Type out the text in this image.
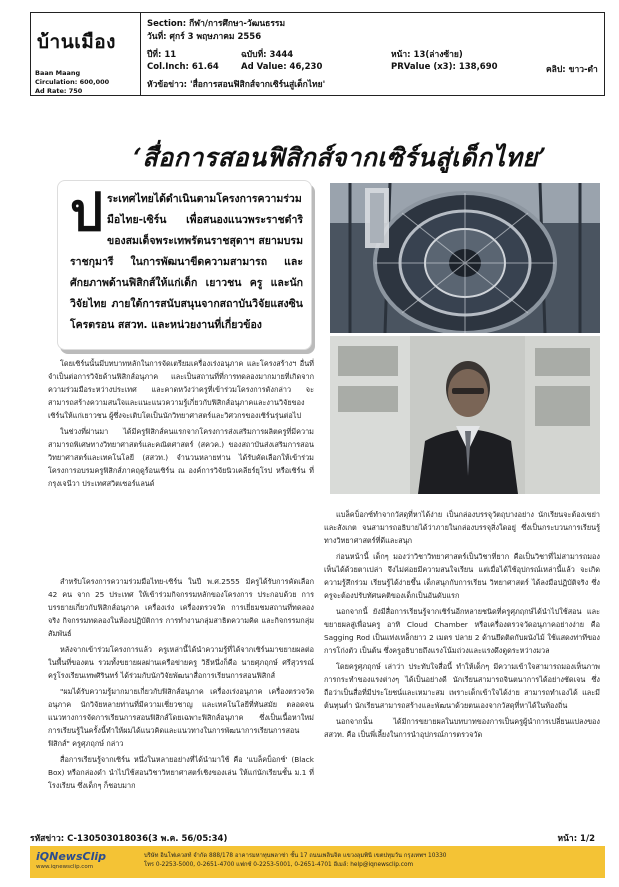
บ้านเมือง
Baan Maang
Circulation: 600,000
Ad Rate: 750
Section: กีฬา/การศึกษา-วัฒนธรรม
วันที่: ศุกร์ 3 พฤษภาคม 2556
ปีที่: 11	ฉบับที่: 3444	หน้า: 13(ล่างซ้าย)
Col.Inch: 61.64	Ad Value: 46,230	PRValue (x3): 138,690	คลิป: ขาว-ดำ
หัวข้อข่าว: 'สื่อการสอนฟิสิกส์จากเซิร์นสู่เด็กไทย'
‘สื่อการสอนฟิสิกส์จากเซิร์นสู่เด็กไทย’
ป ระเทศไทยได้ดำเนินตามโครงการความร่วมมือไทย-เซิร์น เพื่อสนองแนวพระราชดำริของสมเด็จพระเทพรัตนราชสุดาฯ สยามบรมราชกุมารี ในการพัฒนาขีดความสามารถ และศักยภาพด้านฟิสิกส์ให้แก่เด็ก เยาวชน ครู และนักวิจัยไทย ภายใต้การสนับสนุนจากสถาบันวิจัยแสงซินโครตรอน สสวท. และหน่วยงานที่เกี่ยวข้อง

โดยเซิร์นนั้นมีบทบาทหลักในการจัดเตรียมเครื่องเร่งอนุภาค และโครงสร้างฯ อื่นที่จำเป็นต่อการวิจัยด้านฟิสิกส์อนุภาค และเป็นสถานที่ที่การทดลองมากมายที่เกิดจากความร่วมมือระหว่างประเทศ และคาดหวังว่าครูที่เข้าร่วมโครงการดังกล่าว จะสามารถสร้างความสนใจและแนะแนวความรู้เกี่ยวกับฟิสิกส์อนุภาคและงานวิจัยของเซิร์นให้แก่เยาวชน ผู้ซึ่งจะเติบโตเป็นนักวิทยาศาสตร์และวิศวกรของเซิร์นรุ่นต่อไป

ในช่วงที่ผ่านมา ได้มีครูฟิสิกส์คนแรกจากโครงการส่งเสริมการผลิตครูที่มีความสามารถพิเศษทางวิทยาศาสตร์และคณิตศาสตร์ (สควค.) ของสถาบันส่งเสริมการสอนวิทยาศาสตร์และเทคโนโลยี (สสวท.) จำนวนหลายท่าน ได้รับคัดเลือกให้เข้าร่วมโครงการอบรมครูฟิสิกส์ภาคฤดูร้อนเซิร์น ณ องค์การวิจัยนิวเคลียร์ยุโรป หรือเซิร์น ที่กรุงเจนีวา ประเทศสวิตเซอร์แลนด์

สำหรับโครงการความร่วมมือไทย-เซิร์น ในปี พ.ศ.2555 มีครูได้รับการคัดเลือก 42 คน จาก 25 ประเทศ ให้เข้าร่วมกิจกรรมหลักของโครงการ ประกอบด้วย การบรรยายเกี่ยวกับฟิสิกส์อนุภาค เครื่องเร่ง เครื่องตรวจวัด การเยี่ยมชมสถานที่ทดลองจริง กิจกรรมทดลองในห้องปฏิบัติการ การทำงานกลุ่มสาธิตความคิด และกิจกรรมกลุ่มสัมพันธ์

หลังจากเข้าร่วมโครงการแล้ว ครูเหล่านี้ได้นำความรู้ที่ได้จากเซิร์นมาขยายผลต่อในพื้นที่ของตน รวมทั้งขยายผลผ่านเครือข่ายครู วิธีหนึ่งก็คือ นายศุภฤกษ์ ศรีสุวรรณ์ ครูโรงเรียนเทพศิรินทร์ ได้ร่วมกับนักวิจัยพัฒนาสื่อการเรียนการสอนฟิสิกส์

"ผมได้รับความรู้มากมายเกี่ยวกับฟิสิกส์อนุภาค เครื่องเร่งอนุภาค เครื่องตรวจวัดอนุภาค นักวิจัยหลายท่านที่มีความเชี่ยวชาญ และเทคโนโลยีที่ทันสมัย ตลอดจนแนวทางการจัดการเรียนการสอนฟิสิกส์โดยเฉพาะฟิสิกส์อนุภาค ซึ่งเป็นเนื้อหาใหม่ การเรียนรู้ในครั้งนี้ทำให้ผมได้แนวคิดและแนวทางในการพัฒนาการเรียนการสอนฟิสิกส์" ครูศุภฤกษ์ กล่าว

สื่อการเรียนรู้จากเซิร์น หนึ่งในหลายอย่างที่ได้นำมาใช้ คือ 'แบล็คบ็อกซ์' (Black Box) หรือกล่องดำ นำไปใช้สอนวิชาวิทยาศาสตร์เชิงของเล่น ให้แก่นักเรียนชั้น ม.1 ที่โรงเรียน ซึ่งเด็กๆ ก็ชอบมาก

แบล็คบ็อกซ์ทำจากวัสดุที่หาได้ง่าย เป็นกล่องบรรจุวัตถุบางอย่าง นักเรียนจะต้องเขย่า และสังเกต จนสามารถอธิบายได้ว่าภายในกล่องบรรจุสิ่งใดอยู่ ซึ่งเป็นกระบวนการเรียนรู้ทางวิทยาศาสตร์ที่ดีและสนุก

ก่อนหน้านี้ เด็กๆ มองว่าวิชาวิทยาศาสตร์เป็นวิชาที่ยาก คือเป็นวิชาที่ไม่สามารถมองเห็นได้ด้วยตาเปล่า จึงไม่ค่อยมีความสนใจเรียน แต่เมื่อได้ใช้อุปกรณ์เหล่านี้แล้ว จะเกิดความรู้สึกร่วม เรียนรู้ได้ง่ายขึ้น เด็กสนุกกับการเรียน วิทยาศาสตร์ ได้ลงมือปฏิบัติจริง ซึ่งครูจะต้องปรับทัศนคติของเด็กเป็นอันดับแรก

นอกจากนี้ ยังมีสื่อการเรียนรู้จากเซิร์นอีกหลายชนิดที่ครูศุภฤกษ์ได้นำไปใช้สอน และขยายผลสู่เพื่อนครู อาทิ Cloud Chamber หรือเครื่องตรวจวัดอนุภาคอย่างง่าย คือ Sagging Rod เป็นแท่งเหล็กยาว 2 เมตร ปลาย 2 ด้านยึดติดกับผนังไม้ ใช้แสดงท่าทีของการโก่งตัว เป็นต้น ซึ่งครูอธิบายถึงแรงโน้มถ่วงและแรงดึงดูดระหว่างมวล

โดยครูศุภฤกษ์ เล่าว่า ประทับใจสื่อนี้ ทำให้เด็กๆ มีความเข้าใจสามารถมองเห็นภาพการกระทำของแรงต่างๆ ได้เป็นอย่างดี นักเรียนสามารถจินตนาการได้อย่างชัดเจน ซึ่งถือว่าเป็นสื่อที่มีประโยชน์และเหมาะสม เพราะเด็กเข้าใจได้ง่าย สามารถทำเองได้ และมีต้นทุนต่ำ นักเรียนสามารถสร้างและพัฒนาด้วยตนเองจากวัสดุที่หาได้ในท้องถิ่น

นอกจากนั้น ได้มีการขยายผลในบทบาทของการเป็นครูผู้นำการเปลี่ยนแปลงของ สสวท. คือ เป็นพี่เลี้ยงในการนำอุปกรณ์การตรวจวัด

รหัสข่าว: C-130503018036(3 พ.ค. 56/05:34)	หน้า: 1/2
iQNewsClip
www.iqnewsclip.com
บริษัท อินโฟเควสท์ จำกัด 888/178 อาคารมหาทุนพลาซ่า ชั้น 17 ถนนเพลินจิต แขวงลุมพินี เขตปทุมวัน กรุงเทพฯ 10330
โทร 0-2253-5000, 0-2651-4700 แฟกซ์ 0-2253-5001, 0-2651-4701 อีเมล์: help@iqnewsclip.com
